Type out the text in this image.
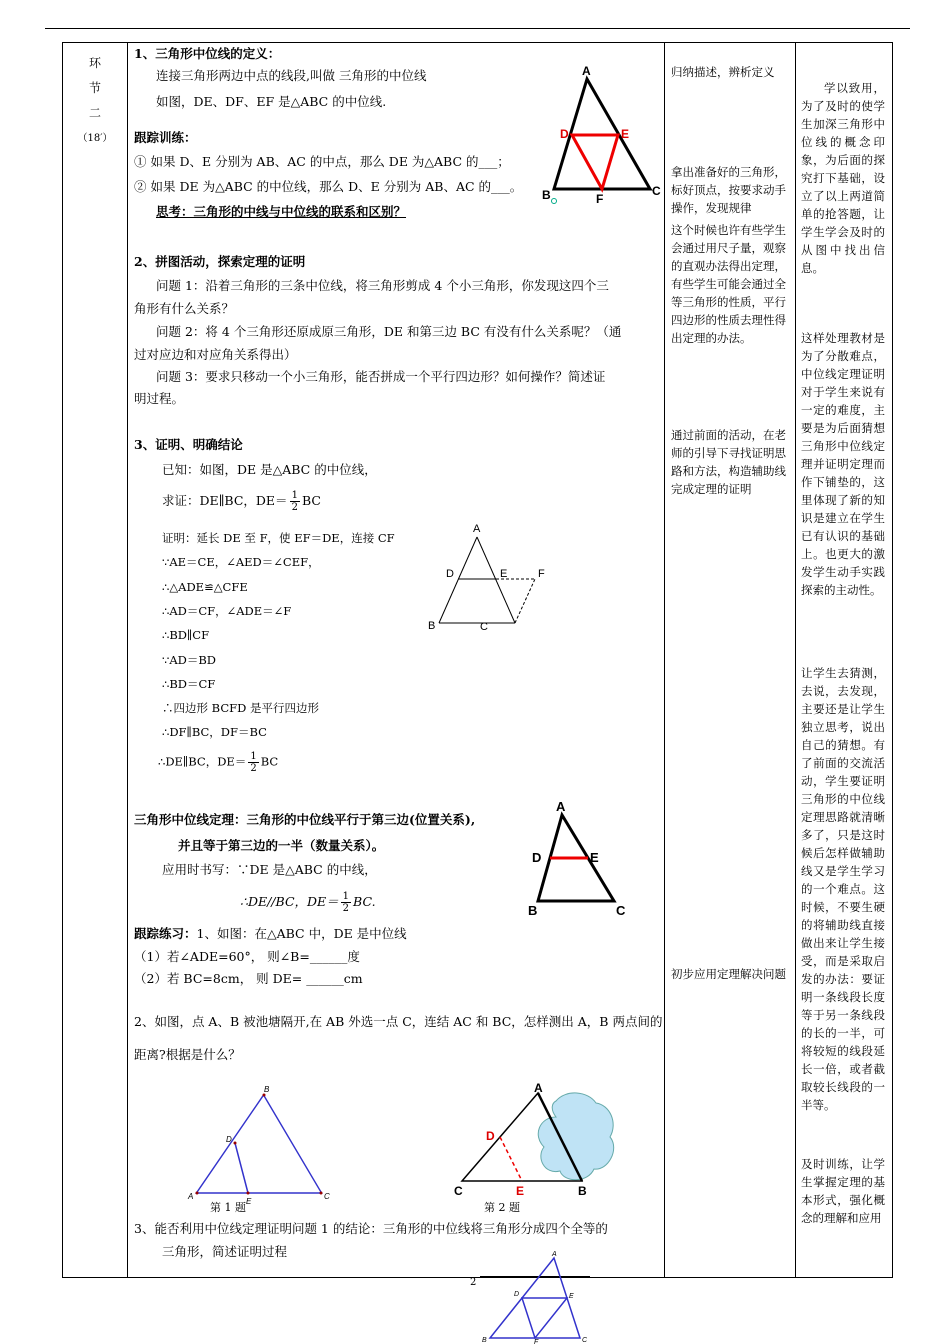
环
节
二
（18′）

1、三角形中位线的定义：
连接三角形两边中点的线段,叫做 三角形的中位线
如图，DE、DF、EF 是△ABC 的中位线.
跟踪训练：
① 如果 D、E 分别为 AB、AC 的中点，那么 DE 为△ABC 的___；
② 如果 DE 为△ABC 的中位线，那么 D、E 分别为 AB、AC 的___。
思考：三角形的中线与中位线的联系和区别？
A
D	E
B	C
F
2、拼图活动，探索定理的证明
问题 1：沿着三角形的三条中位线，将三角形剪成 4 个小三角形，你发现这四个三
角形有什么关系？
问题 2：将 4 个三角形还原成原三角形，DE 和第三边 BC 有没有什么关系呢？（通
过对应边和对应角关系得出）
问题 3：要求只移动一个小三角形，能否拼成一个平行四边形？如何操作？简述证
明过程。
3、证明、明确结论
已知：如图，DE 是△ABC 的中位线，
求证：DE∥BC，$DE= \frac{1}{2}$ BC
证明：延长 DE 至 F，使 EF＝DE，连接 CF
∵AE＝CE，∠AED＝∠CEF，
∴△ADE≌△CFE
∴AD＝CF，∠ADE＝∠F
∴BD∥CF
∵AD＝BD
∴BD＝CF
∴四边形 BCFD 是平行四边形
∴DF∥BC，DF＝BC
∴DE∥BC，$DE= \frac{1}{2}$ BC
A
D	E	F
B	C
三角形中位线定理：三角形的中位线平行于第三边(位置关系),
并且等于第三边的一半（数量关系）。
应用时书写：∵DE 是△ABC 的中线，
∴DE//BC，$DE= \frac{1}{2}$ BC.
A
D	E
B	C
跟踪练习：1、如图：在△ABC 中，DE 是中位线
（1）若∠ADE=60°， 则∠B=______度
（2）若 BC=8cm， 则 DE= ______cm
2、如图，点 A、B 被池塘隔开,在 AB 外选一点 C，连结 AC 和 BC，怎样测出 A，B 两点间的
距离?根据是什么？
A	C
B
D
E
第 1 题
A
D
C	E	B
第 2 题
3、能否利用中位线定理证明问题 1 的结论：三角形的中位线将三角形分成四个全等的
三角形，简述证明过程

归纳描述，辨析定义
拿出准备好的三角形，标好顶点，按要求动手操作，发现规律
这个时候也许有些学生会通过用尺子量，观察的直观办法得出定理，有些学生可能会通过全等三角形的性质，平行四边形的性质去理性得出定理的办法。
通过前面的活动，在老师的引导下寻找证明思路和方法，构造辅助线完成定理的证明
初步应用定理解决问题

学以致用，为了及时的使学生加深三角形中位线的概念印象，为后面的探究打下基础，设立了以上两道简单的抢答题，让学生学会及时的从图中找出信息。
这样处理教材是为了分散难点，中位线定理证明对于学生来说有一定的难度，主要是为后面猜想三角形中位线定理并证明定理而作下铺垫的，这里体现了新的知识是建立在学生已有认识的基础上。也更大的激发学生动手实践探索的主动性。
让学生去猜测，去说，去发现，主要还是让学生独立思考，说出自己的猜想。有了前面的交流活动，学生要证明三角形的中位线定理思路就清晰多了，只是这时候后怎样做辅助线又是学生学习的一个难点。这时候，不要生硬的将辅助线直接做出来让学生接受，而是采取启发的办法：要证明一条线段长度等于另一条线段的长的一半，可将较短的线段延长一倍，或者截取较长线段的一半等。
及时训练，让学生掌握定理的基本形式，强化概念的理解和应用
2
A
D	E
B	C
F
